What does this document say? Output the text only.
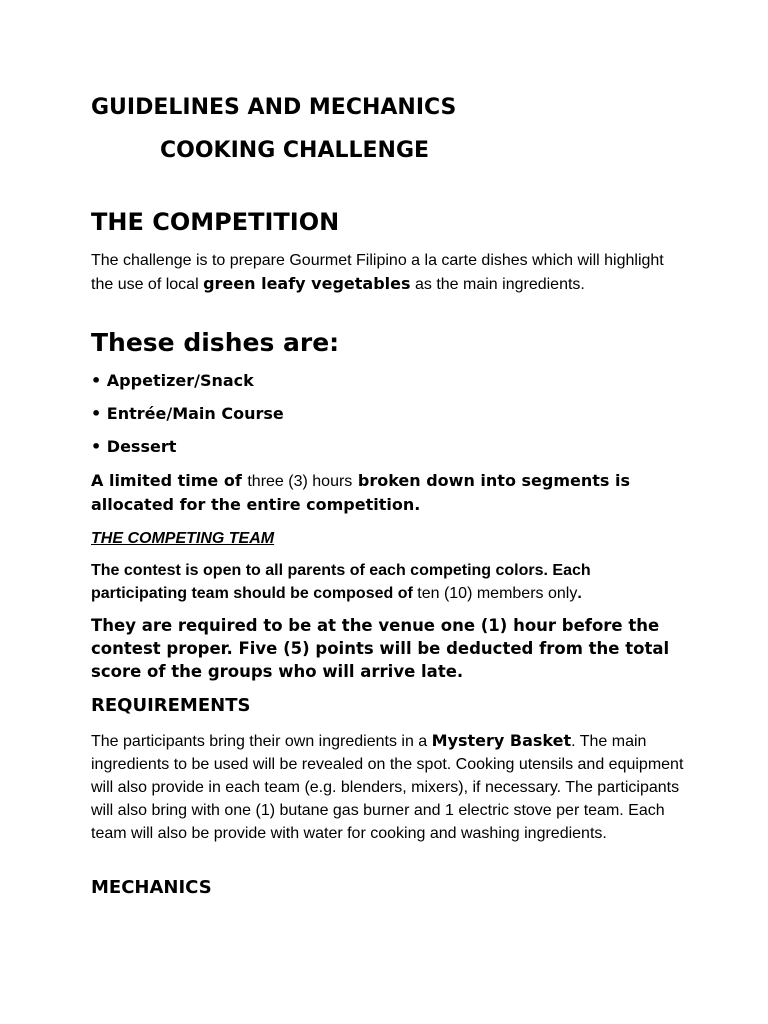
GUIDELINES AND MECHANICS
COOKING CHALLENGE
THE COMPETITION

The challenge is to prepare Gourmet Filipino a la carte dishes which will highlight the use of local green leafy vegetables as the main ingredients.

These dishes are:

• Appetizer/Snack

• Entrée/Main Course

• Dessert

A limited time of three (3) hours broken down into segments is allocated for the entire competition.

THE COMPETING TEAM

The contest is open to all parents of each competing colors. Each participating team should be composed of ten (10) members only.

They are required to be at the venue one (1) hour before the contest proper. Five (5) points will be deducted from the total score of the groups who will arrive late.

REQUIREMENTS

The participants bring their own ingredients in a Mystery Basket. The main ingredients to be used will be revealed on the spot. Cooking utensils and equipment will also provide in each team (e.g. blenders, mixers), if necessary. The participants will also bring with one (1) butane gas burner and 1 electric stove per team. Each team will also be provide with water for cooking and washing ingredients.

MECHANICS
